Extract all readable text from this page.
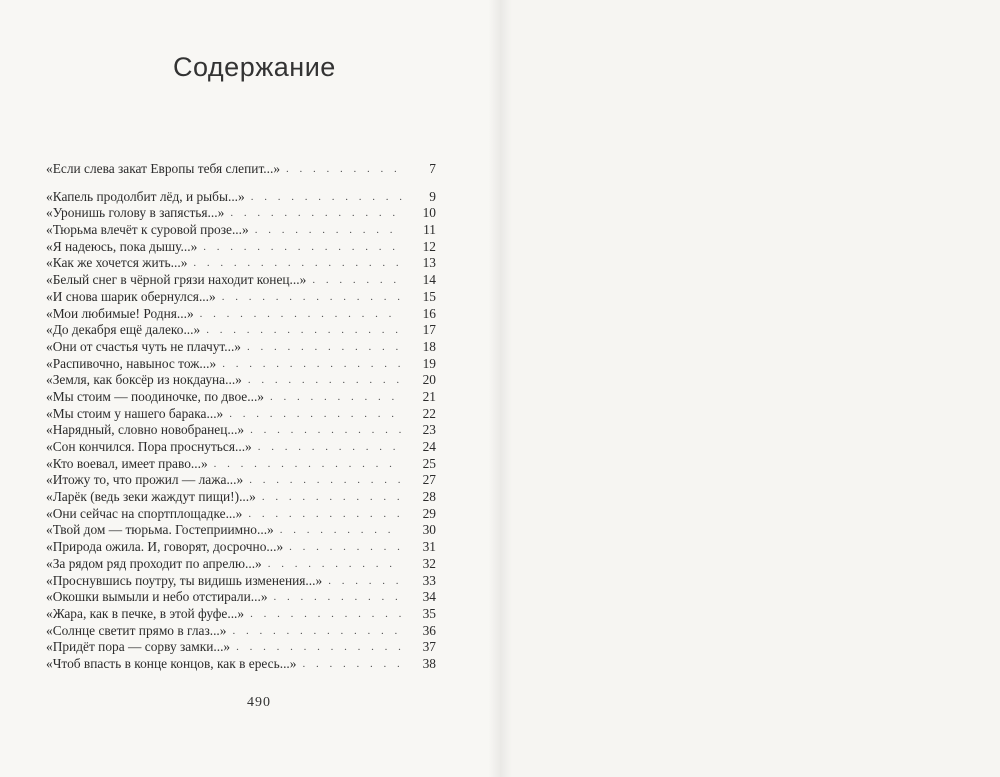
Содержание
«Если слева закат Европы тебя слепит...» . . .	7
«Капель продолбит лёд, и рыбы...» . . .	9
«Уронишь голову в запястья...» . . .	10
«Тюрьма влечёт к суровой прозе...» . . .	11
«Я надеюсь, пока дышу...» . . .	12
«Как же хочется жить...» . . .	13
«Белый снег в чёрной грязи находит конец...» . . .	14
«И снова шарик обернулся...» . . .	15
«Мои любимые! Родня...» . . .	16
«До декабря ещё далеко...» . . .	17
«Они от счастья чуть не плачут...» . . .	18
«Распивочно, навынос тож...» . . .	19
«Земля, как боксёр из нокдауна...» . . .	20
«Мы стоим — поодиночке, по двое...» . . .	21
«Мы стоим у нашего барака...» . . .	22
«Нарядный, словно новобранец...» . . .	23
«Сон кончился. Пора проснуться...» . . .	24
«Кто воевал, имеет право...» . . .	25
«Итожу то, что прожил — лажа...» . . .	27
«Ларёк (ведь зеки жаждут пищи!)...» . . .	28
«Они сейчас на спортплощадке...» . . .	29
«Твой дом — тюрьма. Гостеприимно...» . . .	30
«Природа ожила. И, говорят, досрочно...» . . .	31
«За рядом ряд проходит по апрелю...» . . .	32
«Проснувшись поутру, ты видишь изменения...» . . .	33
«Окошки вымыли и небо отстирали...» . . .	34
«Жара, как в печке, в этой фуфе...» . . .	35
«Солнце светит прямо в глаз...» . . .	36
«Придёт пора — сорву замки...» . . .	37
«Чтоб впасть в конце концов, как в ересь...» . . .	38
490
